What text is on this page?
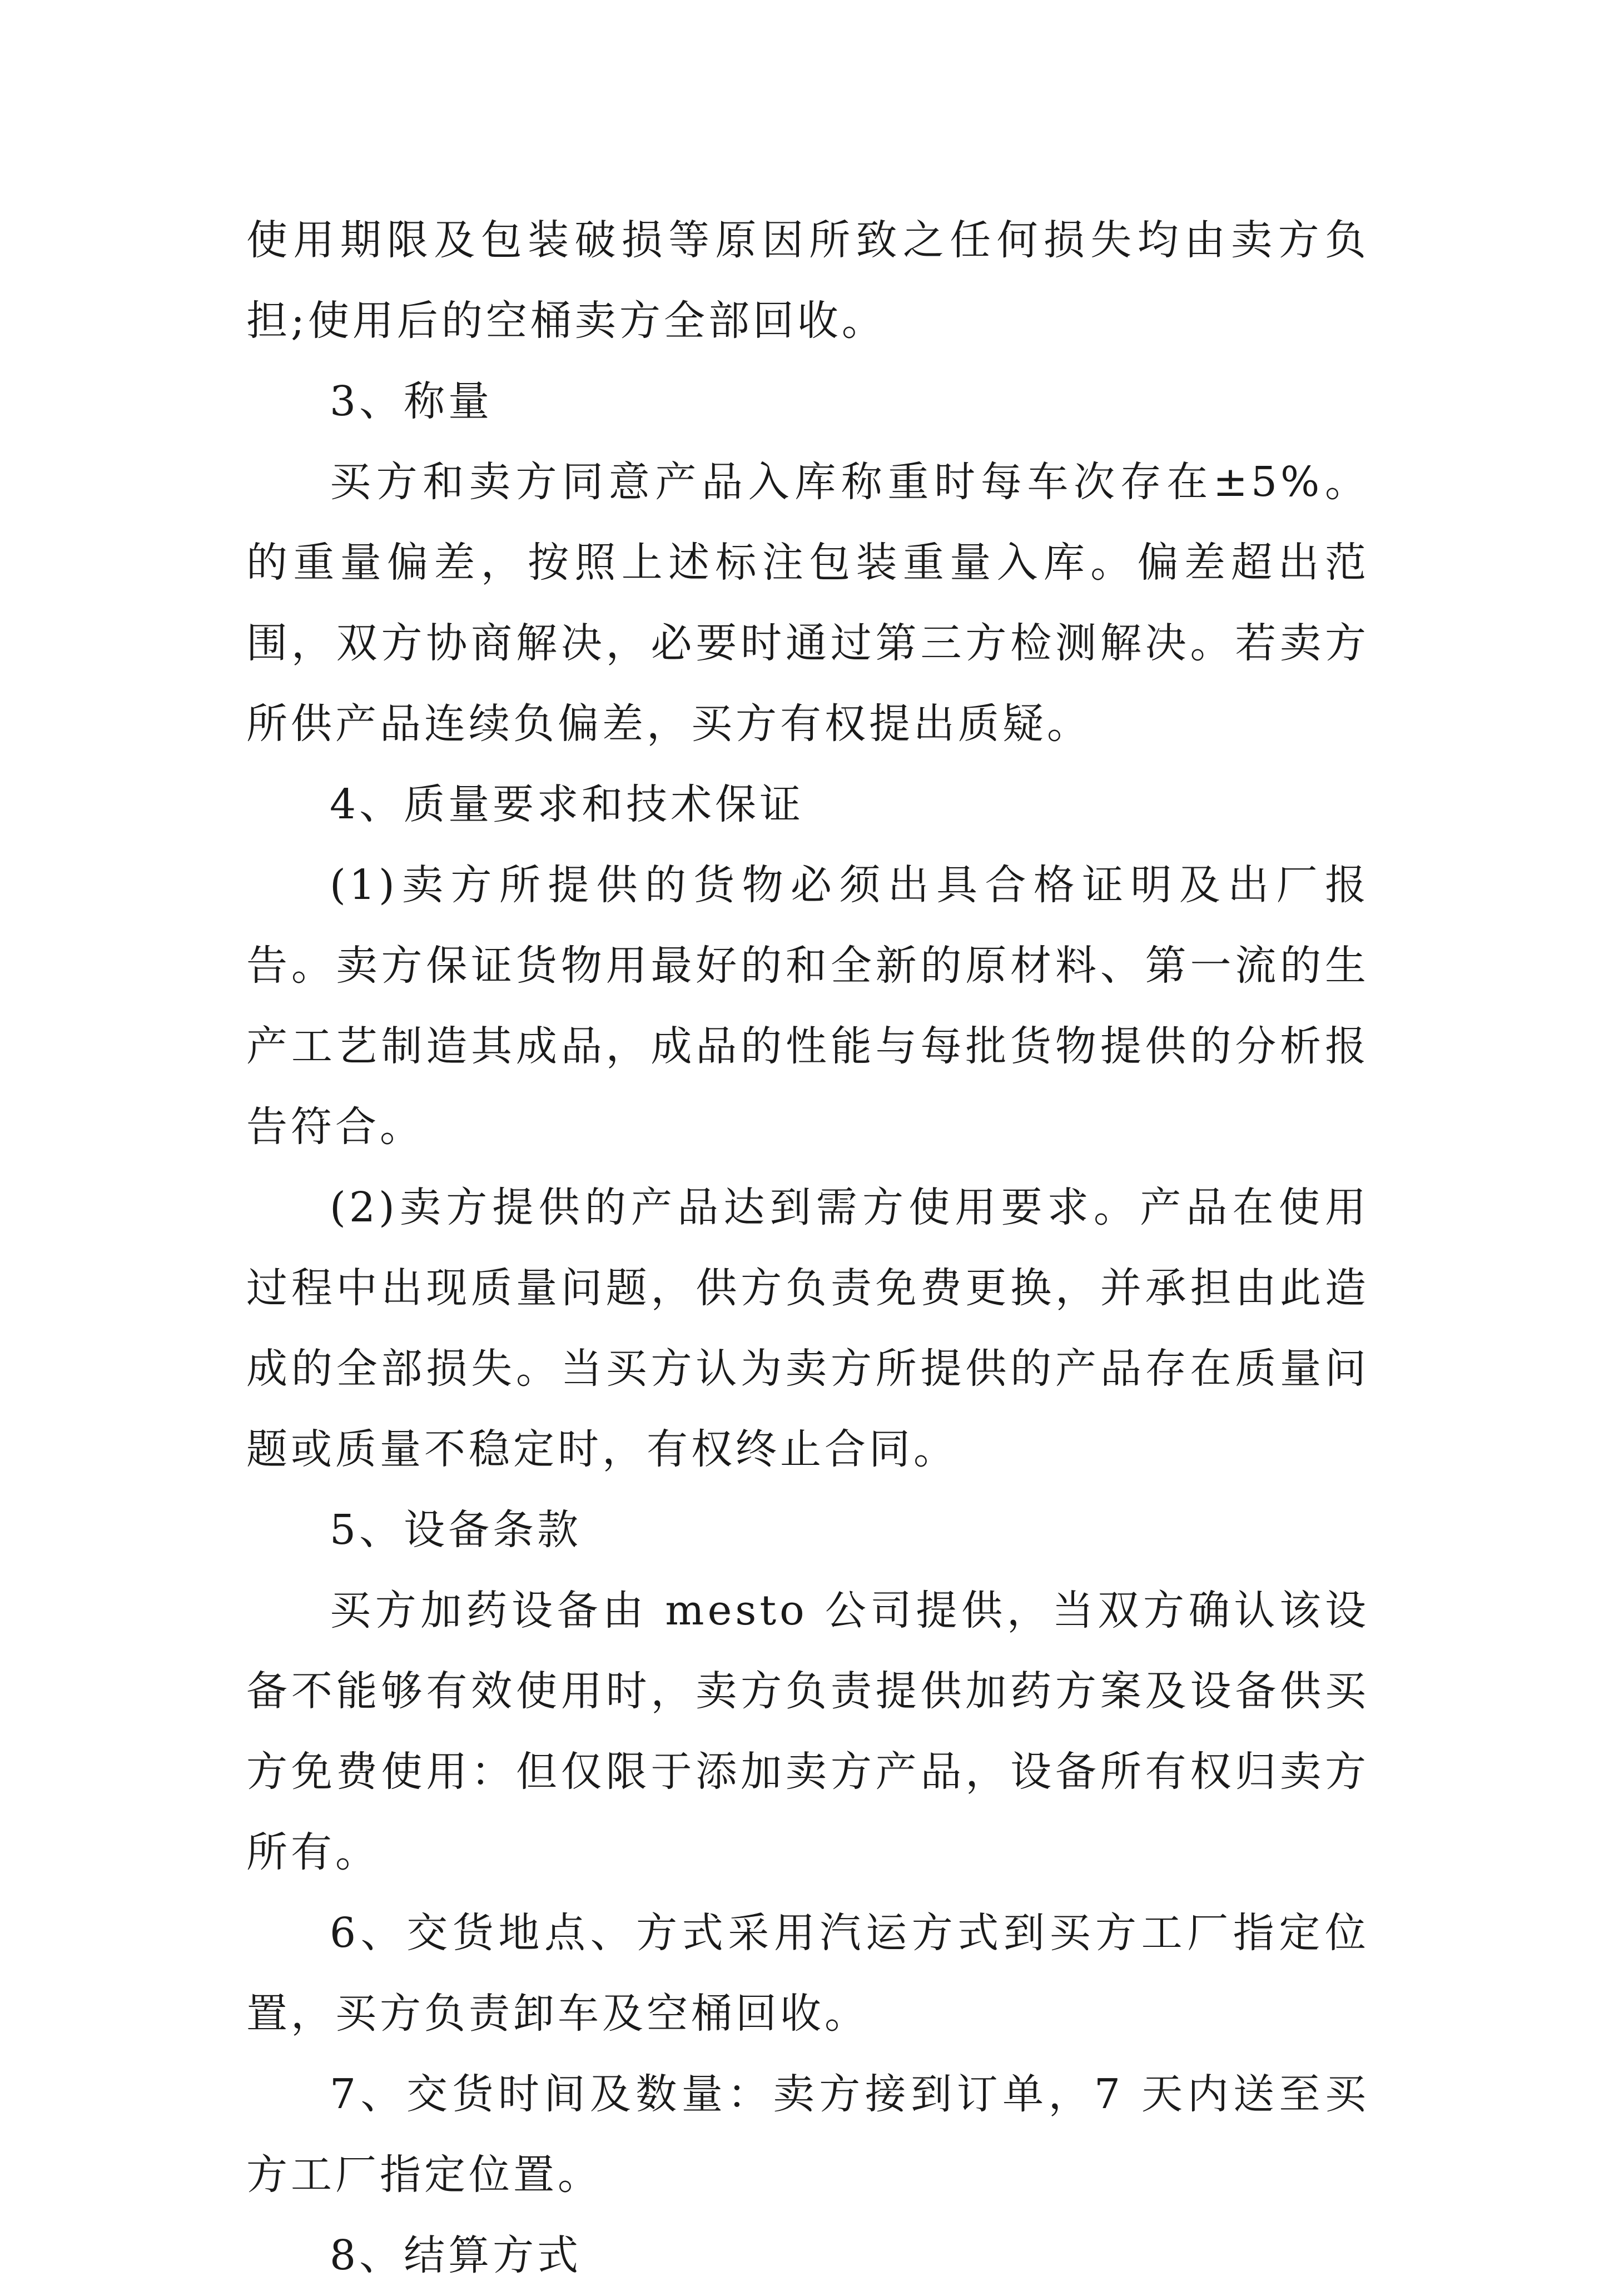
使用期限及包装破损等原因所致之任何损失均由卖方负担;使用后的空桶卖方全部回收。

3、称量

买方和卖方同意产品入库称重时每车次存在±5%。的重量偏差，按照上述标注包装重量入库。偏差超出范围，双方协商解决，必要时通过第三方检测解决。若卖方所供产品连续负偏差，买方有权提出质疑。

4、质量要求和技术保证

(1)卖方所提供的货物必须出具合格证明及出厂报告。卖方保证货物用最好的和全新的原材料、第一流的生产工艺制造其成品，成品的性能与每批货物提供的分析报告符合。

(2)卖方提供的产品达到需方使用要求。产品在使用过程中出现质量问题，供方负责免费更换，并承担由此造成的全部损失。当买方认为卖方所提供的产品存在质量问题或质量不稳定时，有权终止合同。

5、设备条款

买方加药设备由 mesto 公司提供，当双方确认该设备不能够有效使用时，卖方负责提供加药方案及设备供买方免费使用：但仅限于添加卖方产品，设备所有权归卖方所有。

6、交货地点、方式采用汽运方式到买方工厂指定位置，买方负责卸车及空桶回收。

7、交货时间及数量：卖方接到订单，7 天内送至买方工厂指定位置。

8、结算方式
